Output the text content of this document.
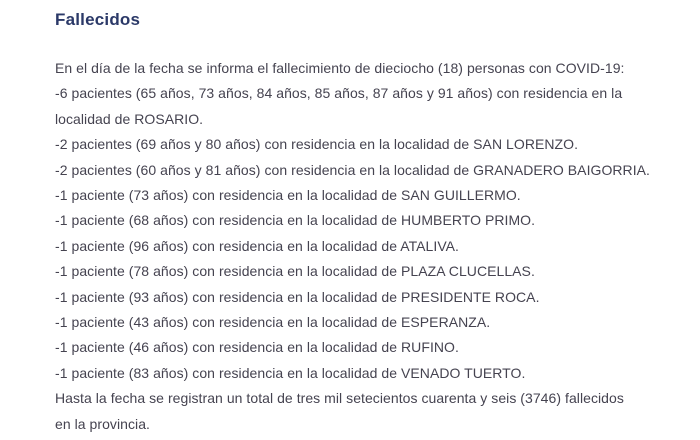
Fallecidos
En el día de la fecha se informa el fallecimiento de dieciocho (18) personas con COVID-19:
-6 pacientes (65 años, 73 años, 84 años, 85 años, 87 años y 91 años) con residencia en la
localidad de ROSARIO.
-2 pacientes (69 años y 80 años) con residencia en la localidad de SAN LORENZO.
-2 pacientes (60 años y 81 años) con residencia en la localidad de GRANADERO BAIGORRIA.
-1 paciente (73 años) con residencia en la localidad de SAN GUILLERMO.
-1 paciente (68 años) con residencia en la localidad de HUMBERTO PRIMO.
-1 paciente (96 años) con residencia en la localidad de ATALIVA.
-1 paciente (78 años) con residencia en la localidad de PLAZA CLUCELLAS.
-1 paciente (93 años) con residencia en la localidad de PRESIDENTE ROCA.
-1 paciente (43 años) con residencia en la localidad de ESPERANZA.
-1 paciente (46 años) con residencia en la localidad de RUFINO.
-1 paciente (83 años) con residencia en la localidad de VENADO TUERTO.
Hasta la fecha se registran un total de tres mil setecientos cuarenta y seis (3746) fallecidos
en la provincia.
